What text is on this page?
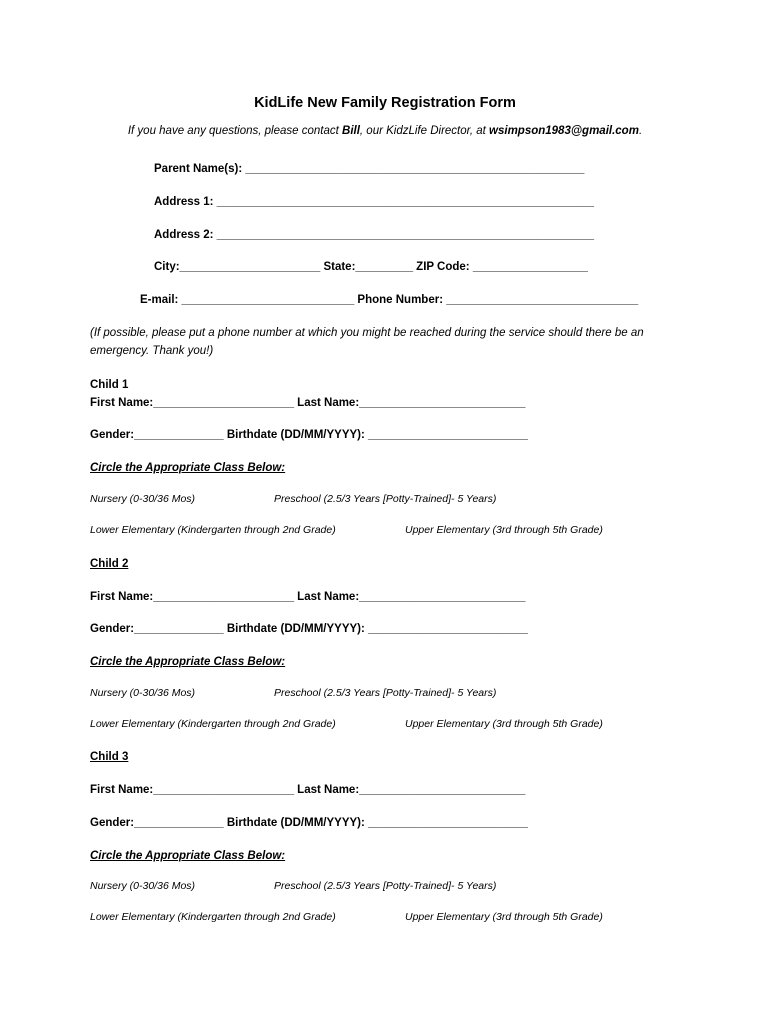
KidLife New Family Registration Form
If you have any questions, please contact Bill, our KidzLife Director, at wsimpson1983@gmail.com.
Parent Name(s): _____________________________________________________
Address 1: ___________________________________________________________
Address 2: ___________________________________________________________
City:______________________ State:_________ ZIP Code: __________________
E-mail: ___________________________ Phone Number: ______________________________
(If possible, please put a phone number at which you might be reached during the service should there be an emergency. Thank you!)
Child 1
First Name:______________________ Last Name:__________________________
Gender:______________ Birthdate (DD/MM/YYYY): _________________________
Circle the Appropriate Class Below:
Nursery (0-30/36 Mos)	Preschool (2.5/3 Years [Potty-Trained]- 5 Years)
Lower Elementary (Kindergarten through 2nd Grade)	Upper Elementary (3rd through 5th Grade)
Child 2
First Name:______________________ Last Name:__________________________
Gender:______________ Birthdate (DD/MM/YYYY): _________________________
Circle the Appropriate Class Below:
Nursery (0-30/36 Mos)	Preschool (2.5/3 Years [Potty-Trained]- 5 Years)
Lower Elementary (Kindergarten through 2nd Grade)	Upper Elementary (3rd through 5th Grade)
Child 3
First Name:______________________ Last Name:__________________________
Gender:______________ Birthdate (DD/MM/YYYY): _________________________
Circle the Appropriate Class Below:
Nursery (0-30/36 Mos)	Preschool (2.5/3 Years [Potty-Trained]- 5 Years)
Lower Elementary (Kindergarten through 2nd Grade)	Upper Elementary (3rd through 5th Grade)
